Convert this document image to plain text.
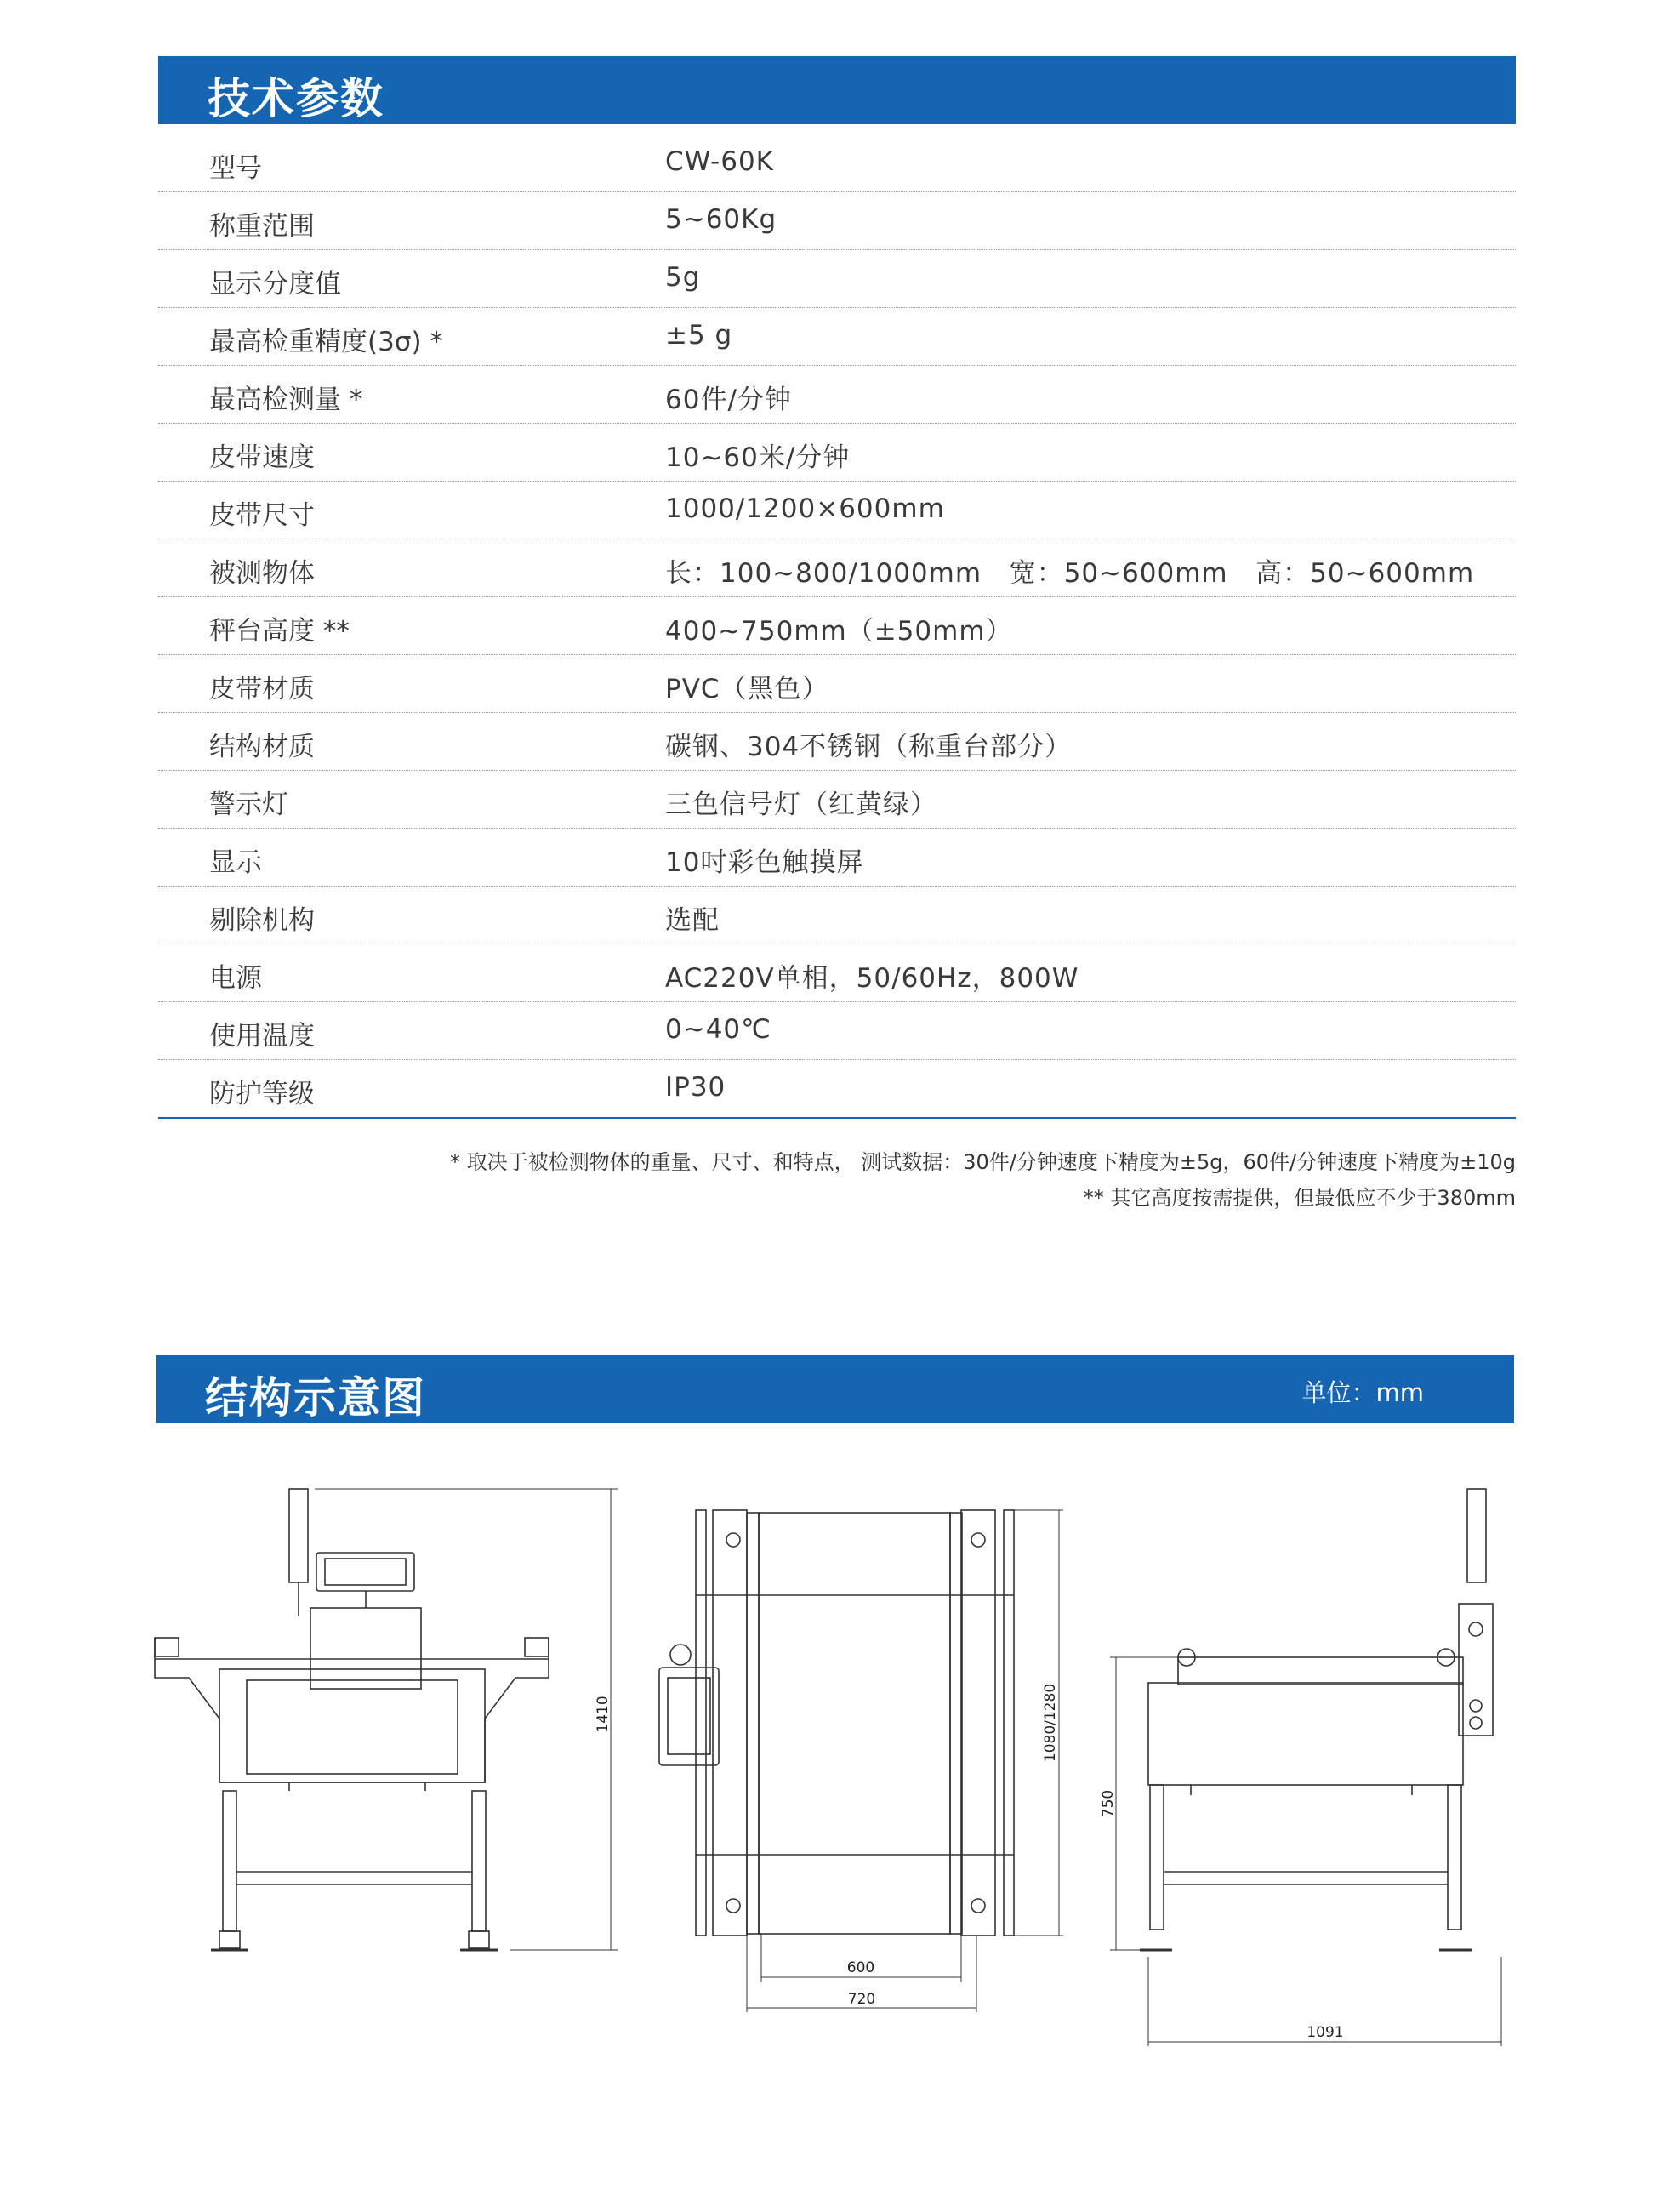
技术参数
型号	CW-60K
称重范围	5~60Kg
显示分度值	5g
最高检重精度(3σ) *	±5 g
最高检测量 *	60件/分钟
皮带速度	10~60米/分钟
皮带尺寸	1000/1200×600mm
被测物体	长：100~800/1000mm   宽：50~600mm   高：50~600mm
秤台高度 **	400~750mm（±50mm）
皮带材质	PVC（黑色）
结构材质	碳钢、304不锈钢（称重台部分）
警示灯	三色信号灯（红黄绿）
显示	10吋彩色触摸屏
剔除机构	选配
电源	AC220V单相，50/60Hz，800W
使用温度	0~40℃
防护等级	IP30
* 取决于被检测物体的重量、尺寸、和特点， 测试数据：30件/分钟速度下精度为±5g，60件/分钟速度下精度为±10g
** 其它高度按需提供，但最低应不少于380mm
结构示意图	单位：mm
1410	1080/1280
600
720
750
1091
